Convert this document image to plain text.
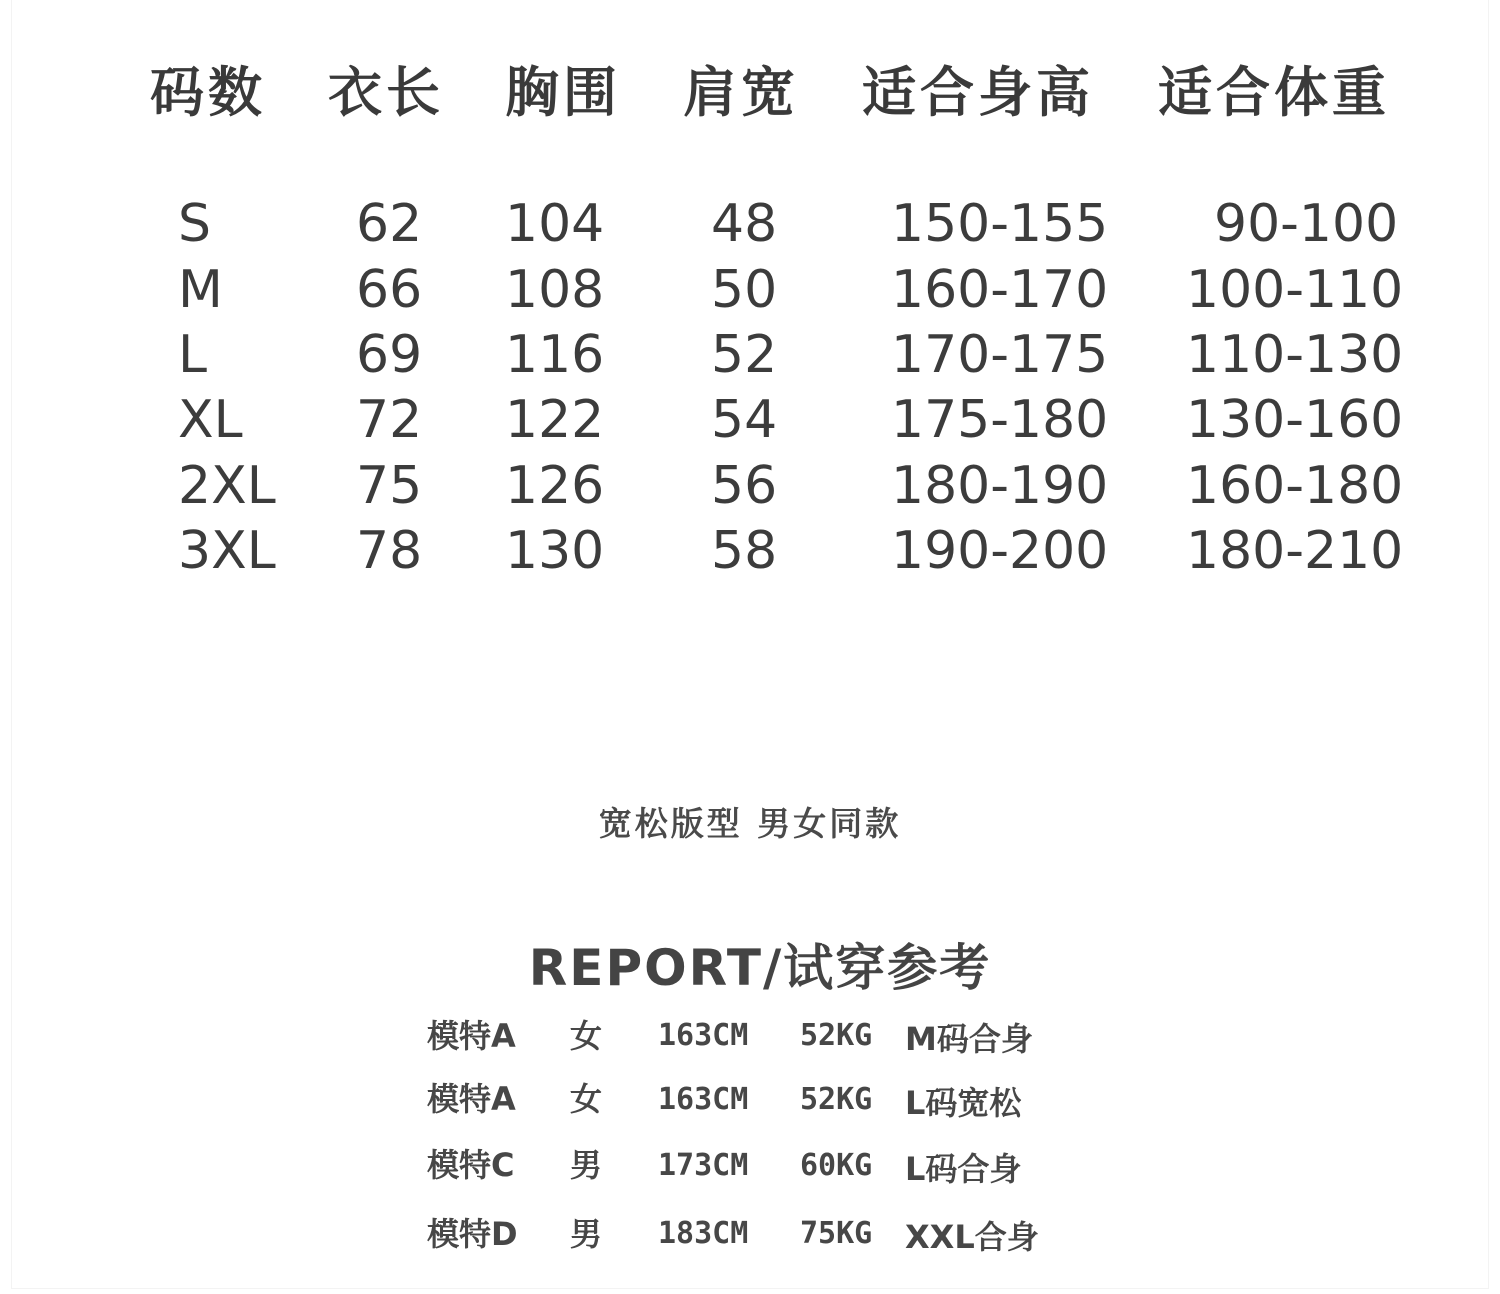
码数 衣长 胸围 肩宽 适合身高 适合体重
S	62 104 48 150-155 90-100
M	66 108 50 160-170 100-110
L	69 116 52 170-175 110-130
XL 72 122 54 175-180 130-160
2XL 75 126 56 180-190 160-180
3XL 78 130 58 190-200 180-210
宽松版型 男女同款
REPORT/试穿参考
模特A 女 163CM 52KG M码合身
模特A 女 163CM 52KG L码宽松
模特C 男 173CM 60KG L码合身
模特D 男 183CM 75KG XXL合身
